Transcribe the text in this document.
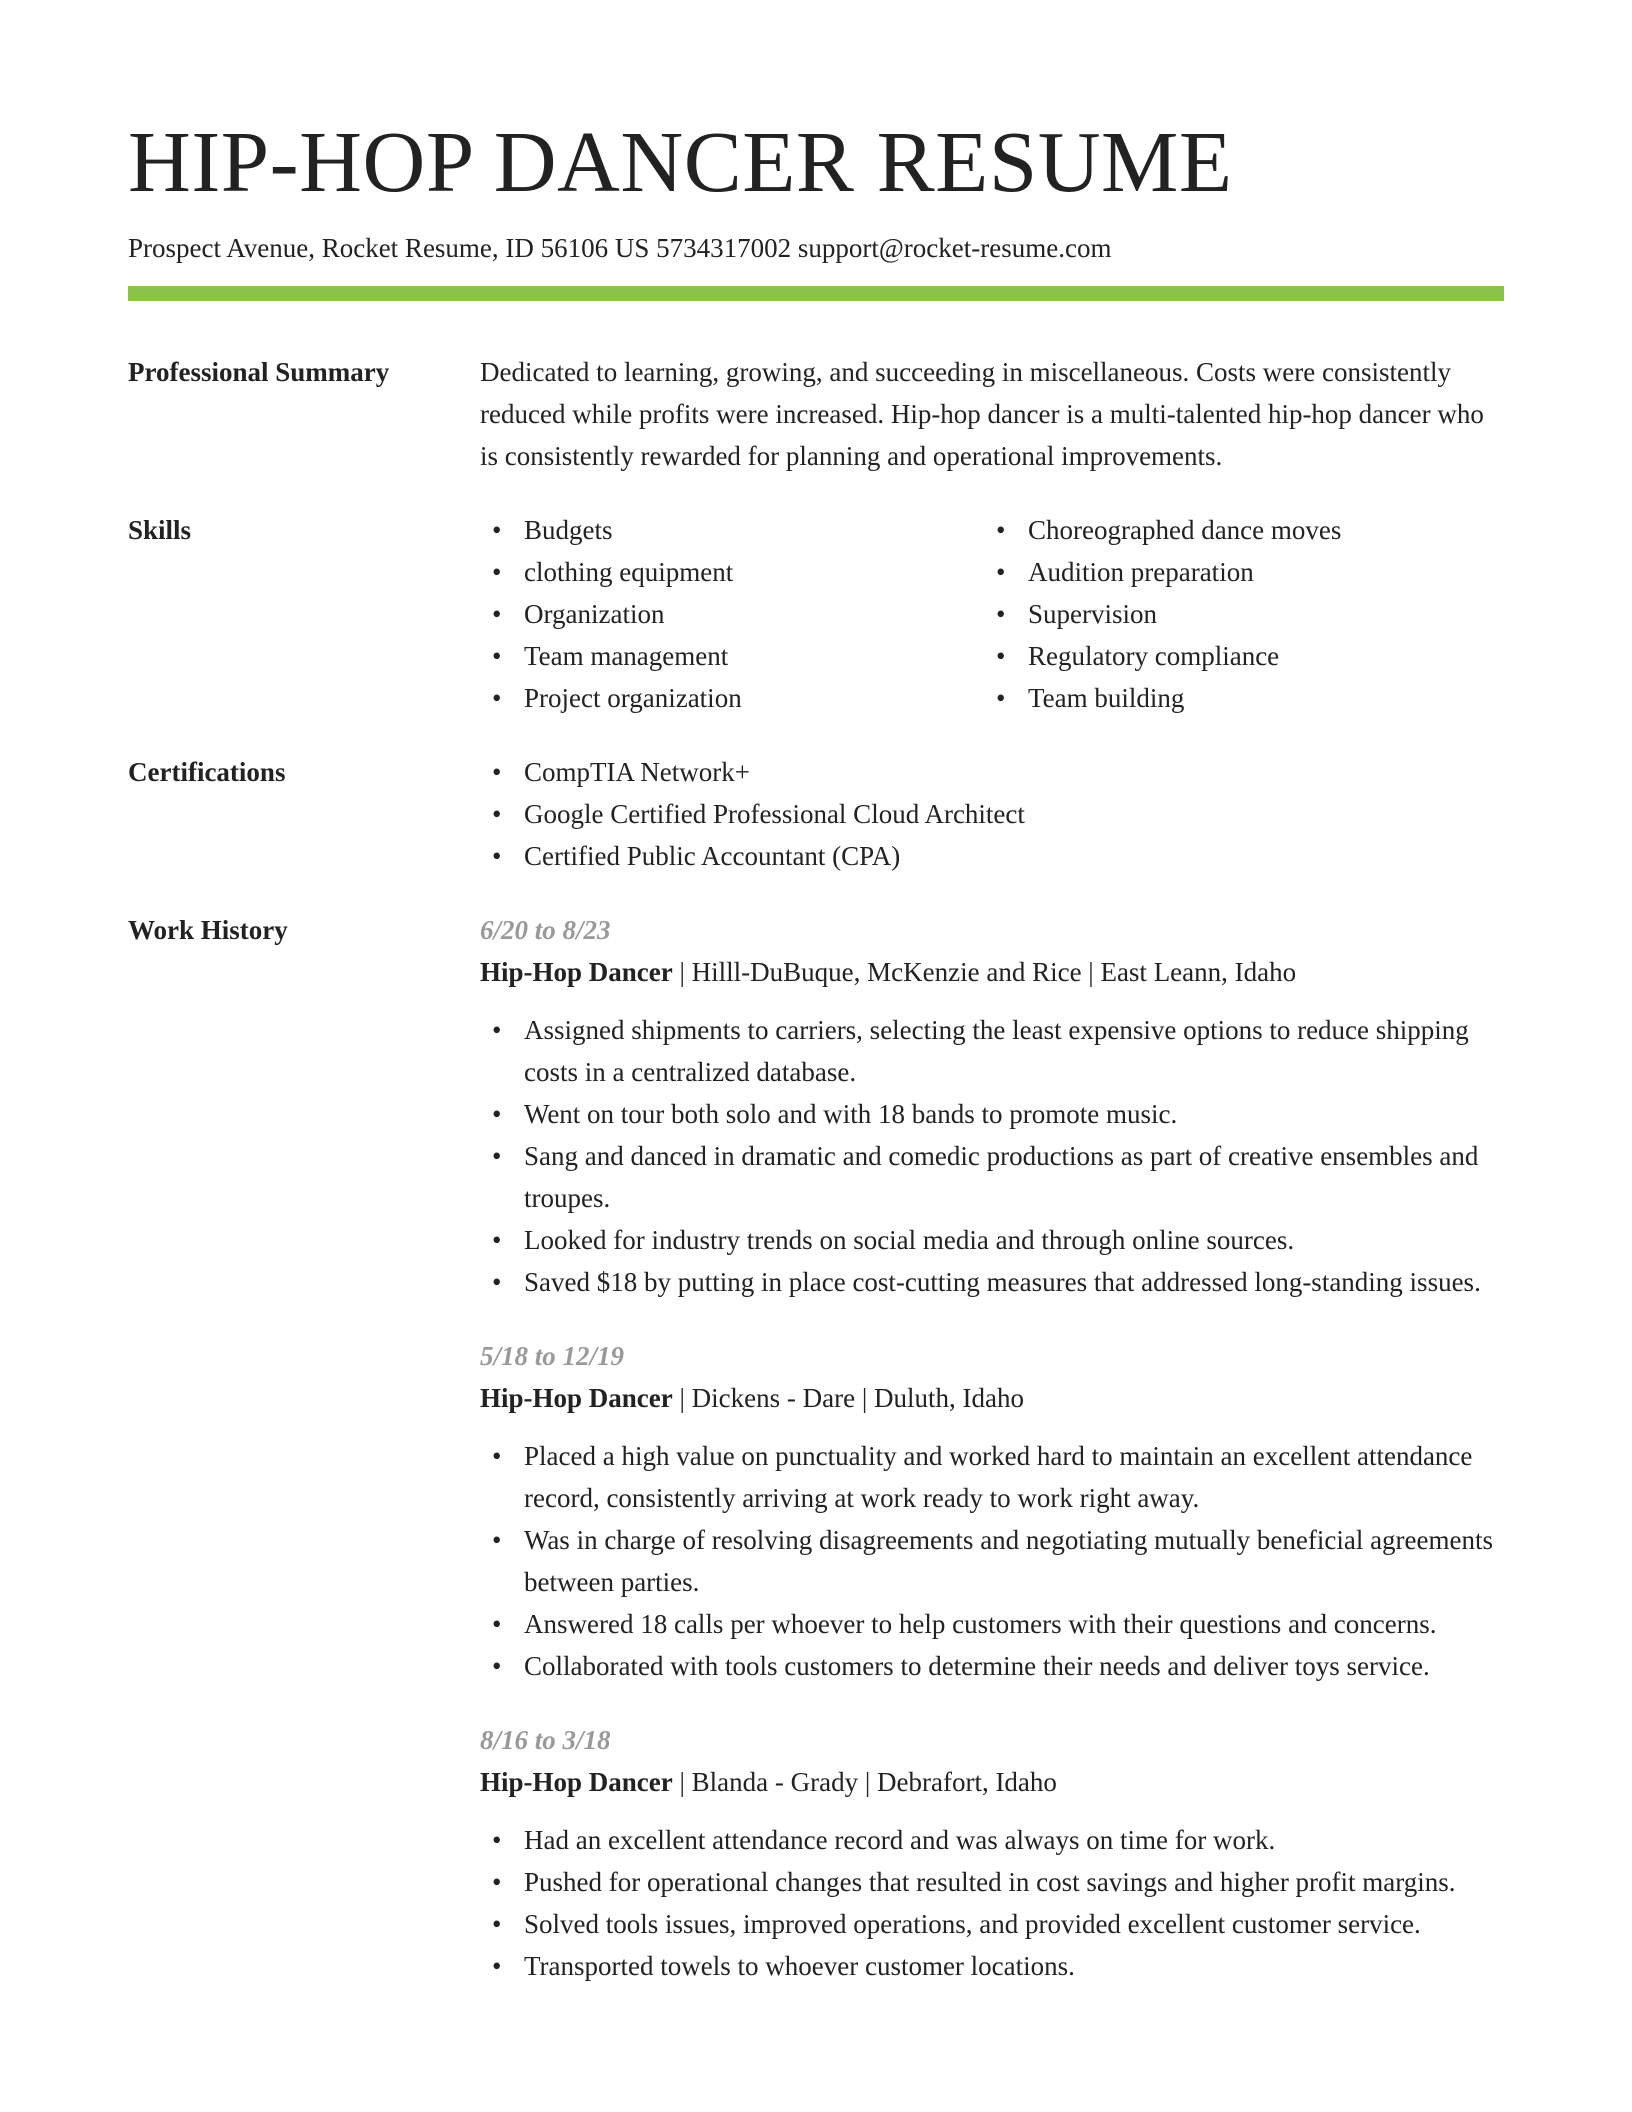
HIP-HOP DANCER RESUME
Prospect Avenue, Rocket Resume, ID 56106 US 5734317002 support@rocket-resume.com
Professional Summary	Dedicated to learning, growing, and succeeding in miscellaneous. Costs were consistently reduced while profits were increased. Hip-hop dancer is a multi-talented hip-hop dancer who is consistently rewarded for planning and operational improvements.
Skills	• Budgets
• clothing equipment
• Organization
• Team management
• Project organization
• Choreographed dance moves
• Audition preparation
• Supervision
• Regulatory compliance
• Team building
Certifications	• CompTIA Network+
• Google Certified Professional Cloud Architect
• Certified Public Accountant (CPA)
Work History	6/20 to 8/23
Hip-Hop Dancer | Hilll-DuBuque, McKenzie and Rice | East Leann, Idaho
• Assigned shipments to carriers, selecting the least expensive options to reduce shipping costs in a centralized database.
• Went on tour both solo and with 18 bands to promote music.
• Sang and danced in dramatic and comedic productions as part of creative ensembles and troupes.
• Looked for industry trends on social media and through online sources.
• Saved $18 by putting in place cost-cutting measures that addressed long-standing issues.
5/18 to 12/19
Hip-Hop Dancer | Dickens - Dare | Duluth, Idaho
• Placed a high value on punctuality and worked hard to maintain an excellent attendance record, consistently arriving at work ready to work right away.
• Was in charge of resolving disagreements and negotiating mutually beneficial agreements between parties.
• Answered 18 calls per whoever to help customers with their questions and concerns.
• Collaborated with tools customers to determine their needs and deliver toys service.
8/16 to 3/18
Hip-Hop Dancer | Blanda - Grady | Debrafort, Idaho
• Had an excellent attendance record and was always on time for work.
• Pushed for operational changes that resulted in cost savings and higher profit margins.
• Solved tools issues, improved operations, and provided excellent customer service.
• Transported towels to whoever customer locations.
